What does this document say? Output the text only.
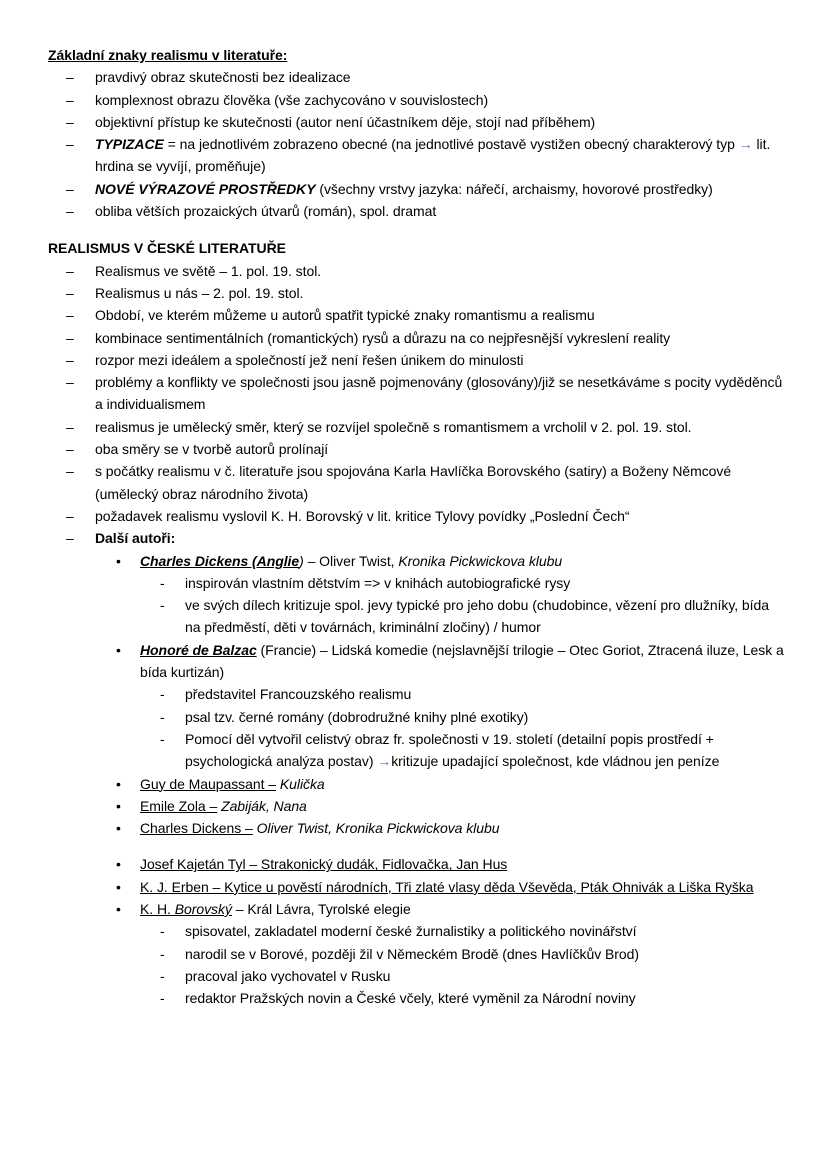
Základní znaky realismu v literatuře:
– pravdivý obraz skutečnosti bez idealizace
– komplexnost obrazu člověka (vše zachycováno v souvislostech)
– objektivní přístup ke skutečnosti (autor není účastníkem děje, stojí nad příběhem)
– TYPIZACE = na jednotlivém zobrazeno obecné (na jednotlivé postavě vystižen obecný charakterový typ → lit. hrdina se vyvíjí, proměňuje)
– NOVÉ VÝRAZOVÉ PROSTŘEDKY (všechny vrstvy jazyka: nářečí, archaismy, hovorové prostředky)
– obliba větších prozaických útvarů (román), spol. dramat
REALISMUS V ČESKÉ LITERATUŘE
– Realismus ve světě – 1. pol. 19. stol.
– Realismus u nás – 2. pol. 19. stol.
– Období, ve kterém můžeme u autorů spatřit typické znaky romantismu a realismu
– kombinace sentimentálních (romantických) rysů a důrazu na co nejpřesnější vykreslení reality
– rozpor mezi ideálem a společností jež není řešen únikem do minulosti
– problémy a konflikty ve společnosti jsou jasně pojmenovány (glosovány)/již se nesetkáváme s pocity vyděděnců a individualismem
– realismus je umělecký směr, který se rozvíjel společně s romantismem a vrcholil v 2. pol. 19. stol.
– oba směry se v tvorbě autorů prolínají
– s počátky realismu v č. literatuře jsou spojována Karla Havlíčka Borovského (satiry) a Boženy Němcové (umělecký obraz národního života)
– požadavek realismu vyslovil K. H. Borovský v lit. kritice Tylovy povídky „Poslední Čech“
– Další autoři:
• Charles Dickens (Anglie) – Oliver Twist, Kronika Pickwickova klubu
- inspirován vlastním dětstvím => v knihách autobiografické rysy
- ve svých dílech kritizuje spol. jevy typické pro jeho dobu (chudobince, vězení pro dlužníky, bída na předměstí, děti v továrnách, kriminální zločiny) / humor
• Honoré de Balzac (Francie) – Lidská komedie (nejslavnější trilogie – Otec Goriot, Ztracená iluze, Lesk a bída kurtizán)
- představitel Francouzského realismu
- psal tzv. černé romány (dobrodružné knihy plné exotiky)
- Pomocí děl vytvořil celistvý obraz fr. společnosti v 19. století (detailní popis prostředí + psychologická analýza postav) →kritizuje upadající společnost, kde vládnou jen peníze
• Guy de Maupassant – Kulička
• Emile Zola – Zabiják, Nana
• Charles Dickens – Oliver Twist, Kronika Pickwickova klubu
• Josef Kajetán Tyl – Strakonický dudák, Fidlovačka, Jan Hus
• K. J. Erben – Kytice u pověstí národních, Tři zlaté vlasy děda Vševěda, Pták Ohnivák a Liška Ryška
• K. H. Borovský – Král Lávra, Tyrolské elegie
- spisovatel, zakladatel moderní české žurnalistiky a politického novinářství
- narodil se v Borové, později žil v Německém Brodě (dnes Havlíčkův Brod)
- pracoval jako vychovatel v Rusku
- redaktor Pražských novin a České včely, které vyměnil za Národní noviny
